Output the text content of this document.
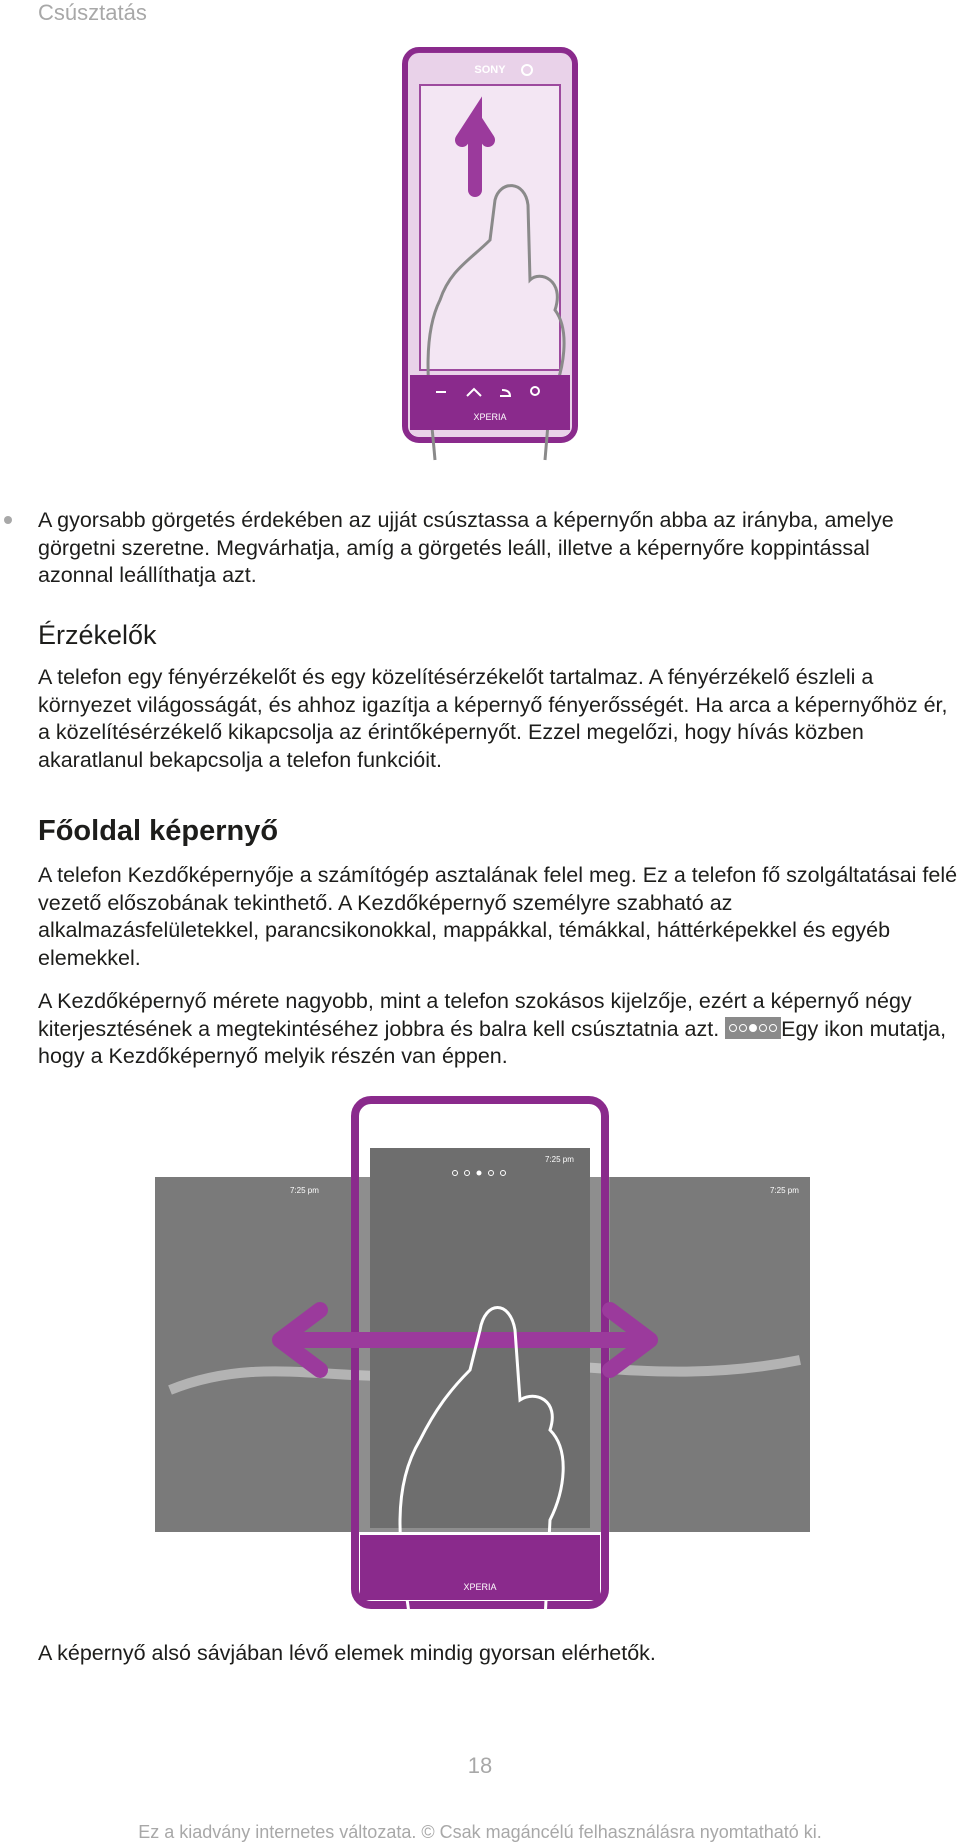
Csúsztatás
SONY
XPERIA
A gyorsabb görgetés érdekében az ujját csúsztassa a képernyőn abba az irányba, amelye görgetni szeretne. Megvárhatja, amíg a görgetés leáll, illetve a képernyőre koppintással azonnal leállíthatja azt.
Érzékelők
A telefon egy fényérzékelőt és egy közelítésérzékelőt tartalmaz. A fényérzékelő észleli a környezet világosságát, és ahhoz igazítja a képernyő fényerősségét. Ha arca a képernyőhöz ér, a közelítésérzékelő kikapcsolja az érintőképernyőt. Ezzel megelőzi, hogy hívás közben akaratlanul bekapcsolja a telefon funkcióit.
Főoldal képernyő
A telefon Kezdőképernyője a számítógép asztalának felel meg. Ez a telefon fő szolgáltatásai felé vezető előszobának tekinthető. A Kezdőképernyő személyre szabható az alkalmazásfelületekkel, parancsikonokkal, mappákkal, témákkal, háttérképekkel és egyéb elemekkel.
A Kezdőképernyő mérete nagyobb, mint a telefon szokásos kijelzője, ezért a képernyő négy kiterjesztésének a megtekintéséhez jobbra és balra kell csúsztatnia azt.	Egy ikon mutatja, hogy a Kezdőképernyő melyik részén van éppen.
7:25 pm	7:25 pm
SONY
7:25 pm
XPERIA
A képernyő alsó sávjában lévő elemek mindig gyorsan elérhetők.
18
Ez a kiadvány internetes változata. © Csak magáncélú felhasználásra nyomtatható ki.
